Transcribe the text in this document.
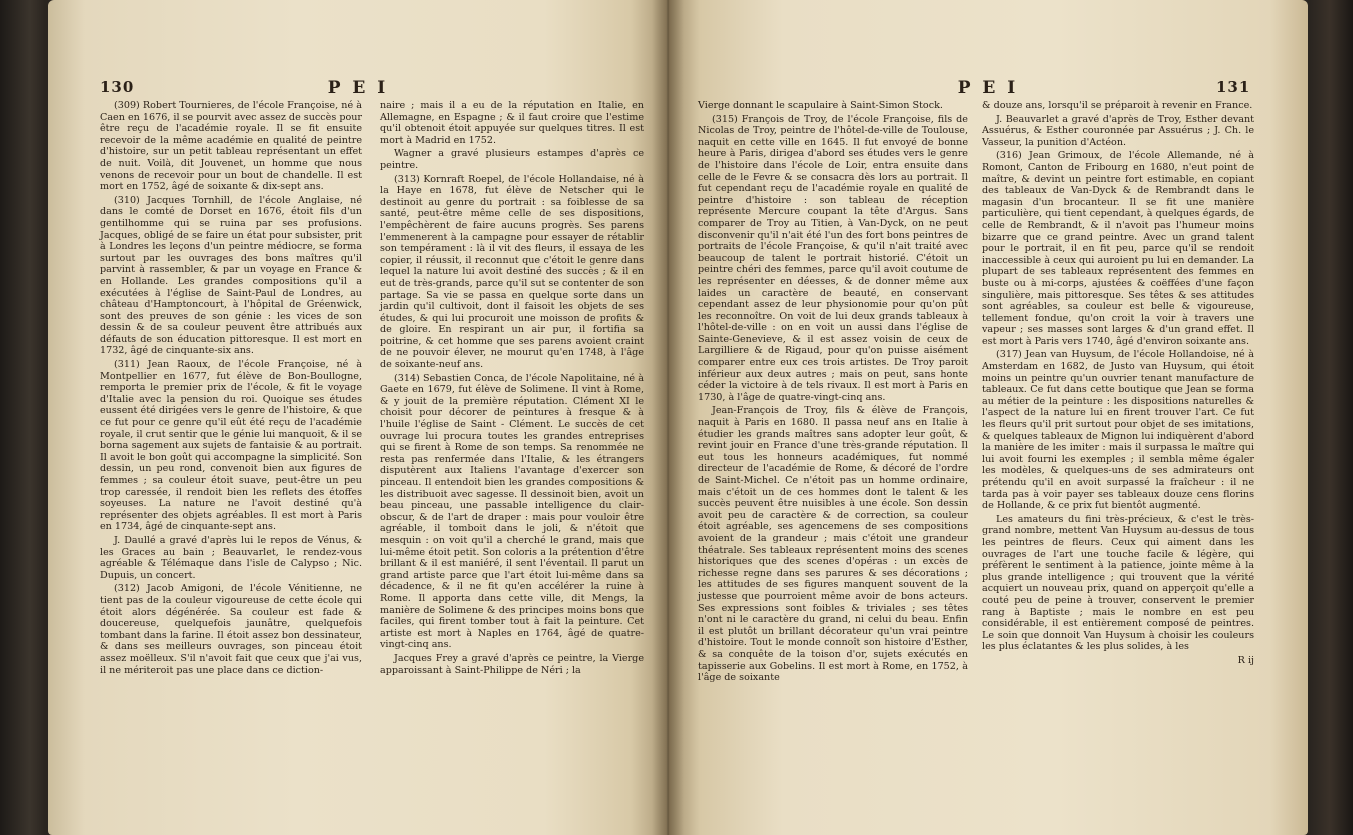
130	P E I

(309) Robert Tournieres, de l'école Françoise, né à Caen en 1676, il se pourvit avec assez de succès pour être reçu de l'académie royale. Il se fit ensuite recevoir de la même académie en qualité de peintre d'histoire, sur un petit tableau représentant un effet de nuit. Voilà, dit Jouvenet, un homme que nous venons de recevoir pour un bout de chandelle. Il est mort en 1752, âgé de soixante & dix-sept ans.

(310) Jacques Tornhill, de l'école Anglaise, né dans le comté de Dorset en 1676, étoit fils d'un gentilhomme qui se ruina par ses profusions. Jacques, obligé de se faire un état pour subsister, prit à Londres les leçons d'un peintre médiocre, se forma surtout par les ouvrages des bons maîtres qu'il parvint à rassembler, & par un voyage en France & en Hollande. Les grandes compositions qu'il a exécutées à l'église de Saint-Paul de Londres, au château d'Hamptoncourt, à l'hôpital de Gréenwick, sont des preuves de son génie : les vices de son dessin & de sa couleur peuvent être attribués aux défauts de son éducation pittoresque. Il est mort en 1732, âgé de cinquante-six ans.

(311) Jean Raoux, de l'école Françoise, né à Montpellier en 1677, fut élève de Bon-Boullogne, remporta le premier prix de l'école, & fit le voyage d'Italie avec la pension du roi. Quoique ses études eussent été dirigées vers le genre de l'histoire, & que ce fut pour ce genre qu'il eût été reçu de l'académie royale, il crut sentir que le génie lui manquoit, & il se borna sagement aux sujets de fantaisie & au portrait. Il avoit le bon goût qui accompagne la simplicité. Son dessin, un peu rond, convenoit bien aux figures de femmes ; sa couleur étoit suave, peut-être un peu trop caressée, il rendoit bien les reflets des étoffes soyeuses. La nature ne l'avoit destiné qu'à représenter des objets agréables. Il est mort à Paris en 1734, âgé de cinquante-sept ans.

J. Daullé a gravé d'après lui le repos de Vénus, & les Graces au bain ; Beauvarlet, le rendez-vous agréable & Télémaque dans l'isle de Calypso ; Nic. Dupuis, un concert.

(312) Jacob Amigoni, de l'école Vénitienne, ne tient pas de la couleur vigoureuse de cette école qui étoit alors dégénérée. Sa couleur est fade & doucereuse, quelquefois jaunâtre, quelquefois tombant dans la farine. Il étoit assez bon dessinateur, & dans ses meilleurs ouvrages, son pinceau étoit assez moëlleux. S'il n'avoit fait que ceux que j'ai vus, il ne mériteroit pas une place dans ce diction-

naire ; mais il a eu de la réputation en Italie, en Allemagne, en Espagne ; & il faut croire que l'estime qu'il obtenoit étoit appuyée sur quelques titres. Il est mort à Madrid en 1752.

Wagner a gravé plusieurs estampes d'après ce peintre.

(313) Kornraft Roepel, de l'école Hollandaise, né à la Haye en 1678, fut élève de Netscher qui le destinoit au genre du portrait : sa foiblesse de sa santé, peut-être même celle de ses dispositions, l'empêchèrent de faire aucuns progrès. Ses parens l'emmenerent à la campagne pour essayer de rétablir son tempérament : là il vit des fleurs, il essaya de les copier, il réussit, il reconnut que c'étoit le genre dans lequel la nature lui avoit destiné des succès ; & il en eut de très-grands, parce qu'il sut se contenter de son partage. Sa vie se passa en quelque sorte dans un jardin qu'il cultivoit, dont il faisoit les objets de ses études, & qui lui procuroit une moisson de profits & de gloire. En respirant un air pur, il fortifia sa poitrine, & cet homme que ses parens avoient craint de ne pouvoir élever, ne mourut qu'en 1748, à l'âge de soixante-neuf ans.

(314) Sebastien Conca, de l'école Napolitaine, né à Gaete en 1679, fut élève de Solimene. Il vint à Rome, & y jouit de la première réputation. Clément XI le choisit pour décorer de peintures à fresque & à l'huile l'église de Saint - Clément. Le succès de cet ouvrage lui procura toutes les grandes entreprises qui se firent à Rome de son temps. Sa renommée ne resta pas renfermée dans l'Italie, & les étrangers disputèrent aux Italiens l'avantage d'exercer son pinceau. Il entendoit bien les grandes compositions & les distribuoit avec sagesse. Il dessinoit bien, avoit un beau pinceau, une passable intelligence du clair-obscur, & de l'art de draper : mais pour vouloir être agréable, il tomboit dans le joli, & n'étoit que mesquin : on voit qu'il a cherché le grand, mais que lui-même étoit petit. Son coloris a la prétention d'être brillant & il est maniéré, il sent l'éventail. Il parut un grand artiste parce que l'art étoit lui-même dans sa décadence, & il ne fit qu'en accélérer la ruine à Rome. Il apporta dans cette ville, dit Mengs, la manière de Solimene & des principes moins bons que faciles, qui firent tomber tout à fait la peinture. Cet artiste est mort à Naples en 1764, âgé de quatre-vingt-cinq ans.

Jacques Frey a gravé d'après ce peintre, la Vierge apparoissant à Saint-Philippe de Néri ; la

P E I	131

Vierge donnant le scapulaire à Saint-Simon Stock.

(315) François de Troy, de l'école Françoise, fils de Nicolas de Troy, peintre de l'hôtel-de-ville de Toulouse, naquit en cette ville en 1645. Il fut envoyé de bonne heure à Paris, dirigea d'abord ses études vers le genre de l'histoire dans l'école de Loir, entra ensuite dans celle de le Fevre & se consacra dès lors au portrait. Il fut cependant reçu de l'académie royale en qualité de peintre d'histoire : son tableau de réception représente Mercure coupant la tête d'Argus. Sans comparer de Troy au Titien, à Van-Dyck, on ne peut disconvenir qu'il n'ait été l'un des fort bons peintres de portraits de l'école Françoise, & qu'il n'ait traité avec beaucoup de talent le portrait historié. C'étoit un peintre chéri des femmes, parce qu'il avoit coutume de les représenter en déesses, & de donner même aux laides un caractère de beauté, en conservant cependant assez de leur physionomie pour qu'on pût les reconnoître. On voit de lui deux grands tableaux à l'hôtel-de-ville : on en voit un aussi dans l'église de Sainte-Genevieve, & il est assez voisin de ceux de Largilliere & de Rigaud, pour qu'on puisse aisément comparer entre eux ces trois artistes. De Troy paroit inférieur aux deux autres ; mais on peut, sans honte céder la victoire à de tels rivaux. Il est mort à Paris en 1730, à l'âge de quatre-vingt-cinq ans.

Jean-François de Troy, fils & élève de François, naquit à Paris en 1680. Il passa neuf ans en Italie à étudier les grands maîtres sans adopter leur goût, & revint jouir en France d'une très-grande réputation. Il eut tous les honneurs académiques, fut nommé directeur de l'académie de Rome, & décoré de l'ordre de Saint-Michel. Ce n'étoit pas un homme ordinaire, mais c'étoit un de ces hommes dont le talent & les succès peuvent être nuisibles à une école. Son dessin avoit peu de caractère & de correction, sa couleur étoit agréable, ses agencemens de ses compositions avoient de la grandeur ; mais c'étoit une grandeur théatrale. Ses tableaux représentent moins des scenes historiques que des scenes d'opéras : un excès de richesse regne dans ses parures & ses décorations ; les attitudes de ses figures manquent souvent de la justesse que pourroient même avoir de bons acteurs. Ses expressions sont foibles & triviales ; ses têtes n'ont ni le caractère du grand, ni celui du beau. Enfin il est plutôt un brillant décorateur qu'un vrai peintre d'histoire. Tout le monde connoît son histoire d'Esther, & sa conquête de la toison d'or, sujets exécutés en tapisserie aux Gobelins. Il est mort à Rome, en 1752, à l'âge de soixante

& douze ans, lorsqu'il se préparoit à revenir en France.

J. Beauvarlet a gravé d'après de Troy, Esther devant Assuérus, & Esther couronnée par Assuérus ; J. Ch. le Vasseur, la punition d'Actéon.

(316) Jean Grimoux, de l'école Allemande, né à Romont, Canton de Fribourg en 1680, n'eut point de maître, & devint un peintre fort estimable, en copiant des tableaux de Van-Dyck & de Rembrandt dans le magasin d'un brocanteur. Il se fit une manière particulière, qui tient cependant, à quelques égards, de celle de Rembrandt, & il n'avoit pas l'humeur moins bizarre que ce grand peintre. Avec un grand talent pour le portrait, il en fit peu, parce qu'il se rendoit inaccessible à ceux qui auroient pu lui en demander. La plupart de ses tableaux représentent des femmes en buste ou à mi-corps, ajustées & coëffées d'une façon singulière, mais pittoresque. Ses têtes & ses attitudes sont agréables, sa couleur est belle & vigoureuse, tellement fondue, qu'on croit la voir à travers une vapeur ; ses masses sont larges & d'un grand effet. Il est mort à Paris vers 1740, âgé d'environ soixante ans.

(317) Jean van Huysum, de l'école Hollandoise, né à Amsterdam en 1682, de Justo van Huysum, qui étoit moins un peintre qu'un ouvrier tenant manufacture de tableaux. Ce fut dans cette boutique que Jean se forma au métier de la peinture : les dispositions naturelles & l'aspect de la nature lui en firent trouver l'art. Ce fut les fleurs qu'il prit surtout pour objet de ses imitations, & quelques tableaux de Mignon lui indiquèrent d'abord la manière de les imiter : mais il surpassa le maître qui lui avoit fourni les exemples ; il sembla même égaler les modèles, & quelques-uns de ses admirateurs ont prétendu qu'il en avoit surpassé la fraîcheur : il ne tarda pas à voir payer ses tableaux douze cens florins de Hollande, & ce prix fut bientôt augmenté.

Les amateurs du fini très-précieux, & c'est le très-grand nombre, mettent Van Huysum au-dessus de tous les peintres de fleurs. Ceux qui aiment dans les ouvrages de l'art une touche facile & légère, qui préfèrent le sentiment à la patience, jointe même à la plus grande intelligence ; qui trouvent que la vérité acquiert un nouveau prix, quand on apperçoit qu'elle a couté peu de peine à trouver, conservent le premier rang à Baptiste ; mais le nombre en est peu considérable, il est entièrement composé de peintres. Le soin que donnoit Van Huysum à choisir les couleurs les plus éclatantes & les plus solides, à les

R ij
